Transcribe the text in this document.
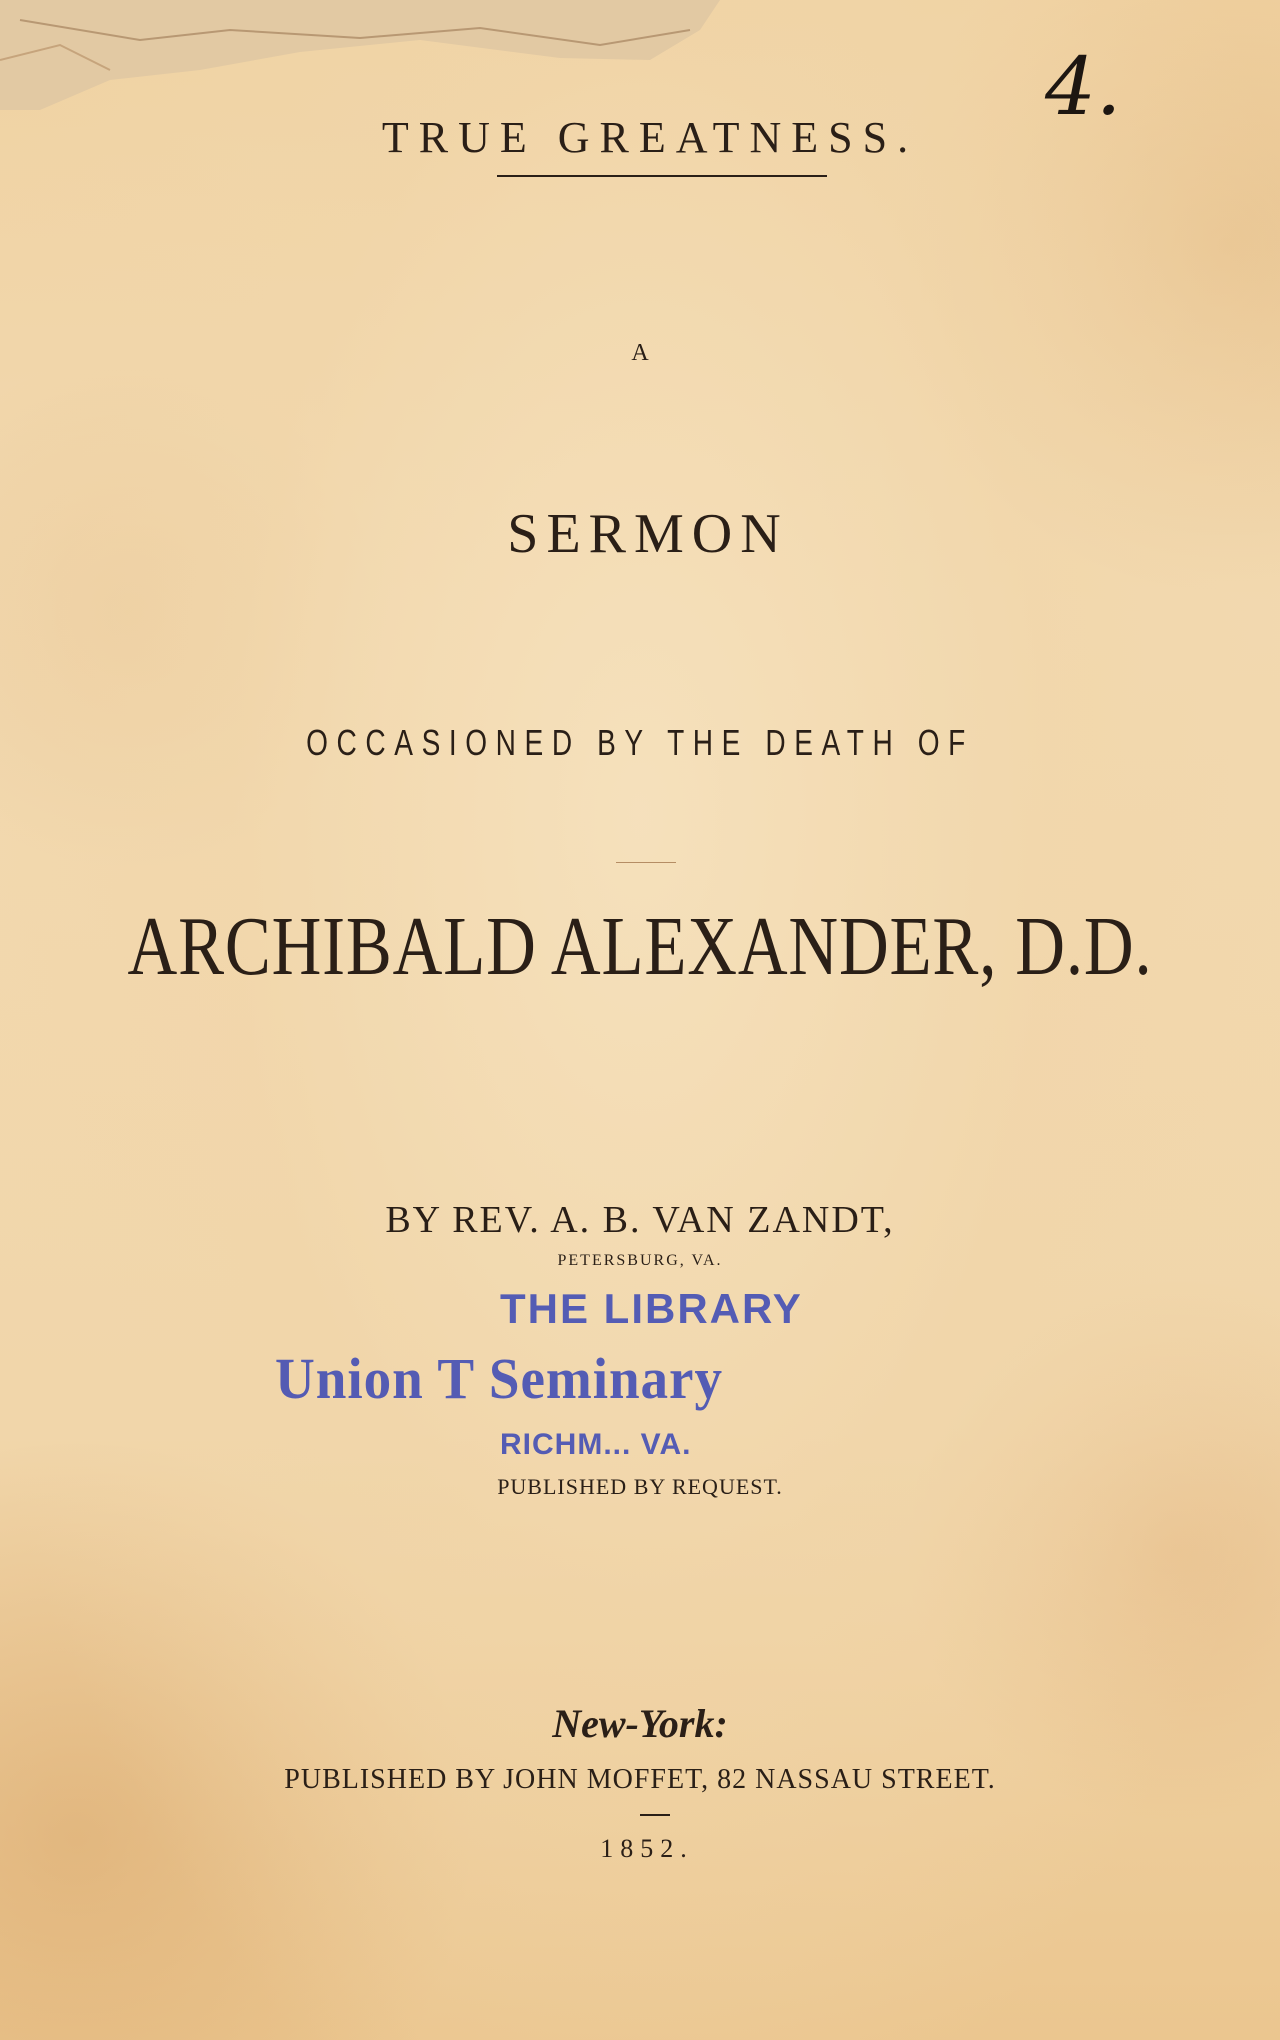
4.
TRUE GREATNESS.
A
SERMON
OCCASIONED BY THE DEATH OF
ARCHIBALD ALEXANDER, D.D.
BY REV. A. B. VAN ZANDT,
PETERSBURG, VA.
THE LIBRARY
Union T Seminary
RICHM... VA.
PUBLISHED BY REQUEST.
New-York:
PUBLISHED BY JOHN MOFFET, 82 NASSAU STREET.
1852.
